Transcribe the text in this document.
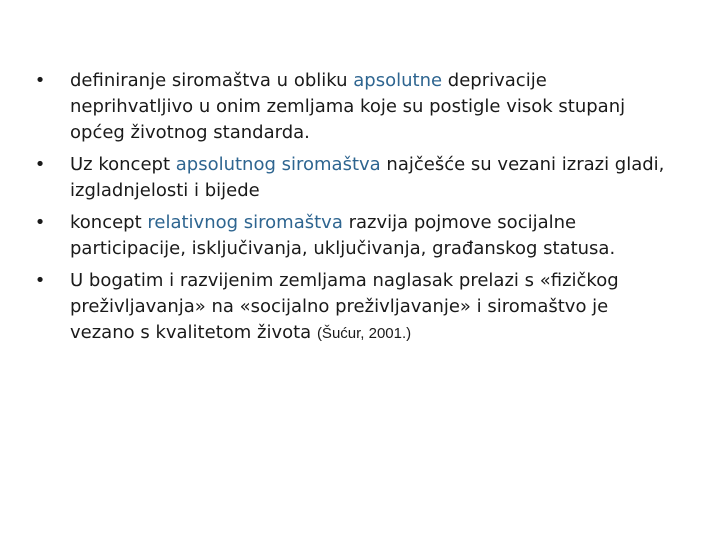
• definiranje siromaštva u obliku apsolutne deprivacije neprihvatljivo u onim zemljama koje su postigle visok stupanj općeg životnog standarda.
• Uz koncept apsolutnog siromaštva najčešće su vezani izrazi gladi, izgladnjelosti i bijede
• koncept relativnog siromaštva razvija pojmove socijalne participacije, isključivanja, uključivanja, građanskog statusa.
• U bogatim i razvijenim zemljama naglasak prelazi s «fizičkog preživljavanja» na «socijalno preživljavanje» i siromaštvo je vezano s kvalitetom života (Šućur, 2001.)
